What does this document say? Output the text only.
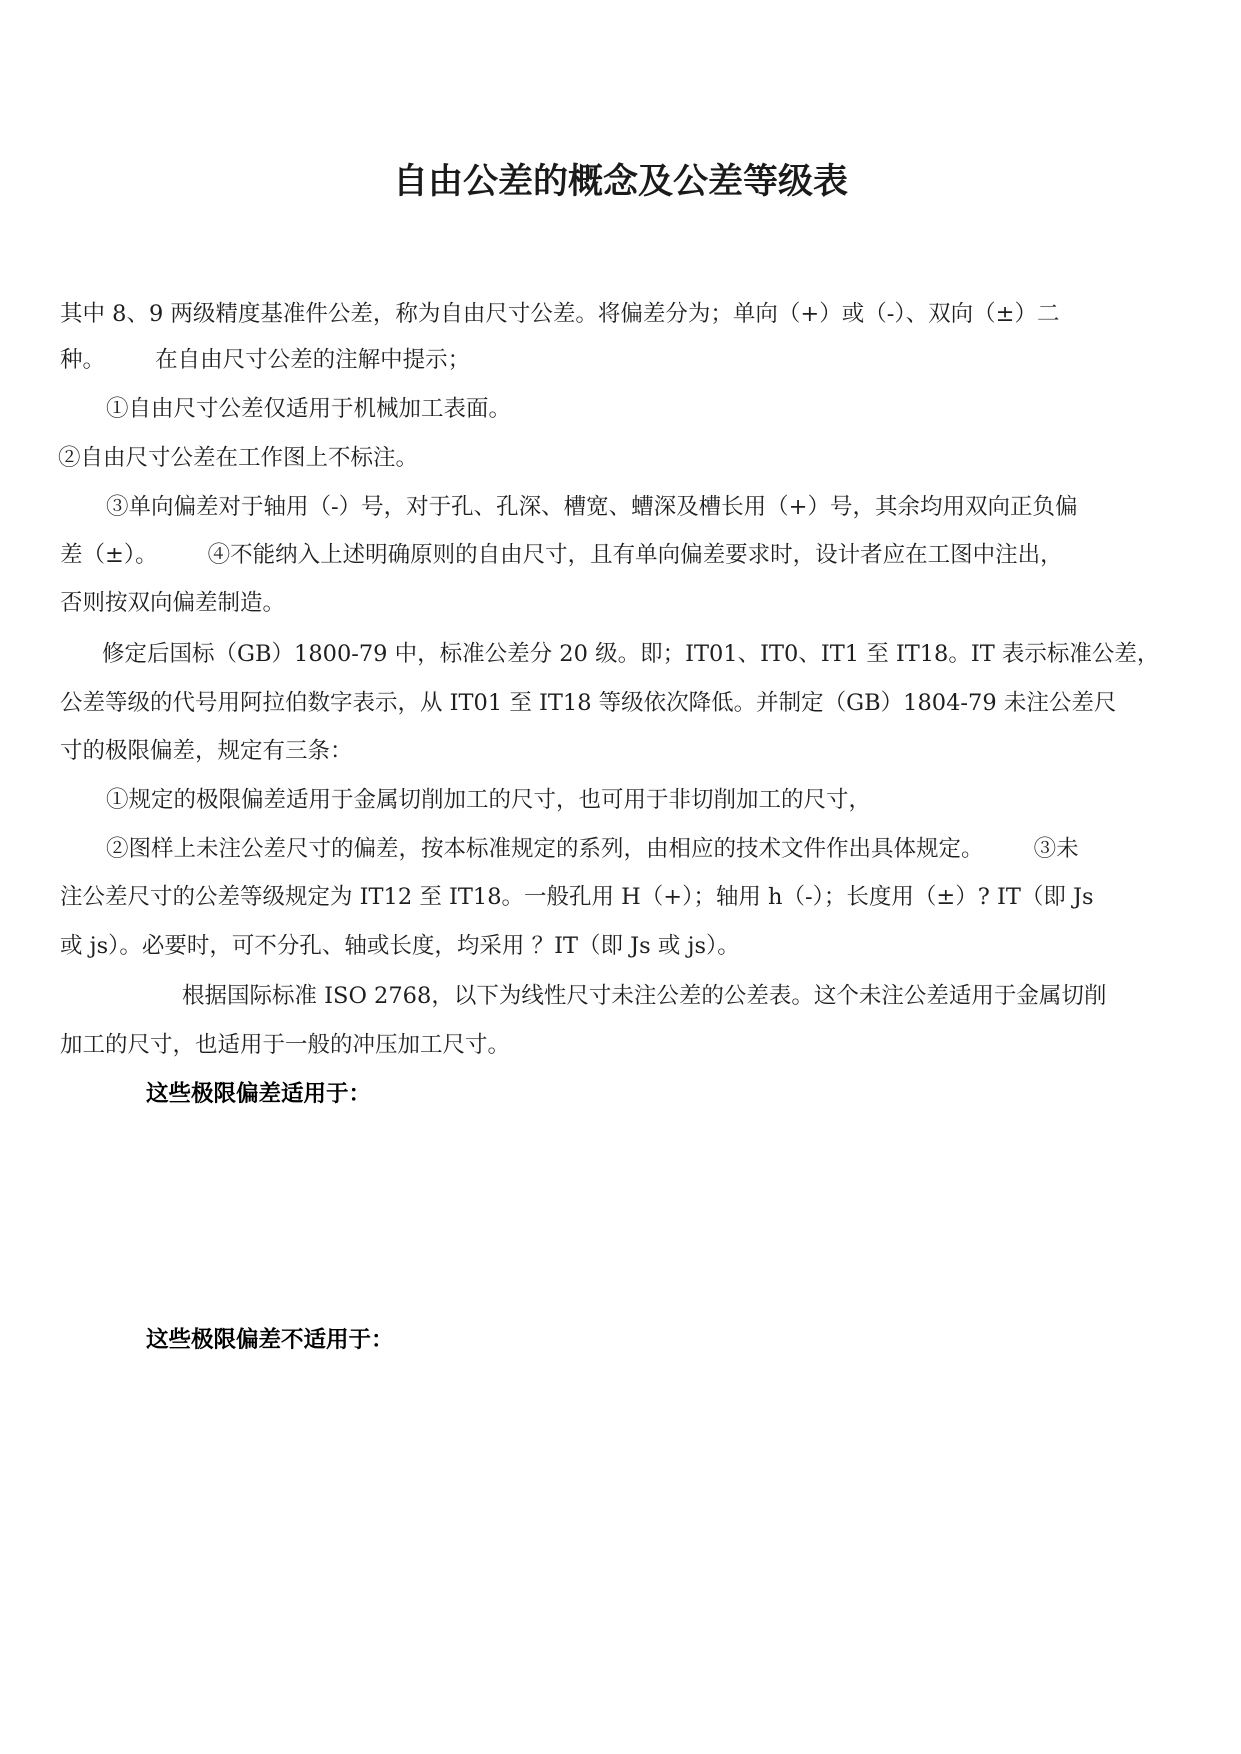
自由公差的概念及公差等级表

其中 8、9 两级精度基准件公差，称为自由尺寸公差。将偏差分为；单向（+）或（-）、双向（±）二
种。       在自由尺寸公差的注解中提示；
①自由尺寸公差仅适用于机械加工表面。
②自由尺寸公差在工作图上不标注。
③单向偏差对于轴用（-）号，对于孔、孔深、槽宽、螬深及槽长用（+）号，其余均用双向正负偏
差（±）。       ④不能纳入上述明确原则的自由尺寸，且有单向偏差要求时，设计者应在工图中注出，
否则按双向偏差制造。
修定后国标（GB）1800-79 中，标准公差分 20 级。即；IT01、IT0、IT1 至 IT18。IT 表示标准公差，
公差等级的代号用阿拉伯数字表示，从 IT01 至 IT18 等级依次降低。并制定（GB）1804-79 未注公差尺
寸的极限偏差，规定有三条：
①规定的极限偏差适用于金属切削加工的尺寸，也可用于非切削加工的尺寸，
②图样上未注公差尺寸的偏差，按本标准规定的系列，由相应的技术文件作出具体规定。       ③未
注公差尺寸的公差等级规定为 IT12 至 IT18。一般孔用 H（+）；轴用 h（-）；长度用（±）? IT（即 Js
或 js）。必要时，可不分孔、轴或长度，均采用 ？IT（即 Js 或 js）。
根据国际标准 ISO 2768，以下为线性尺寸未注公差的公差表。这个未注公差适用于金属切削
加工的尺寸，也适用于一般的冲压加工尺寸。
这些极限偏差适用于：

这些极限偏差不适用于：
